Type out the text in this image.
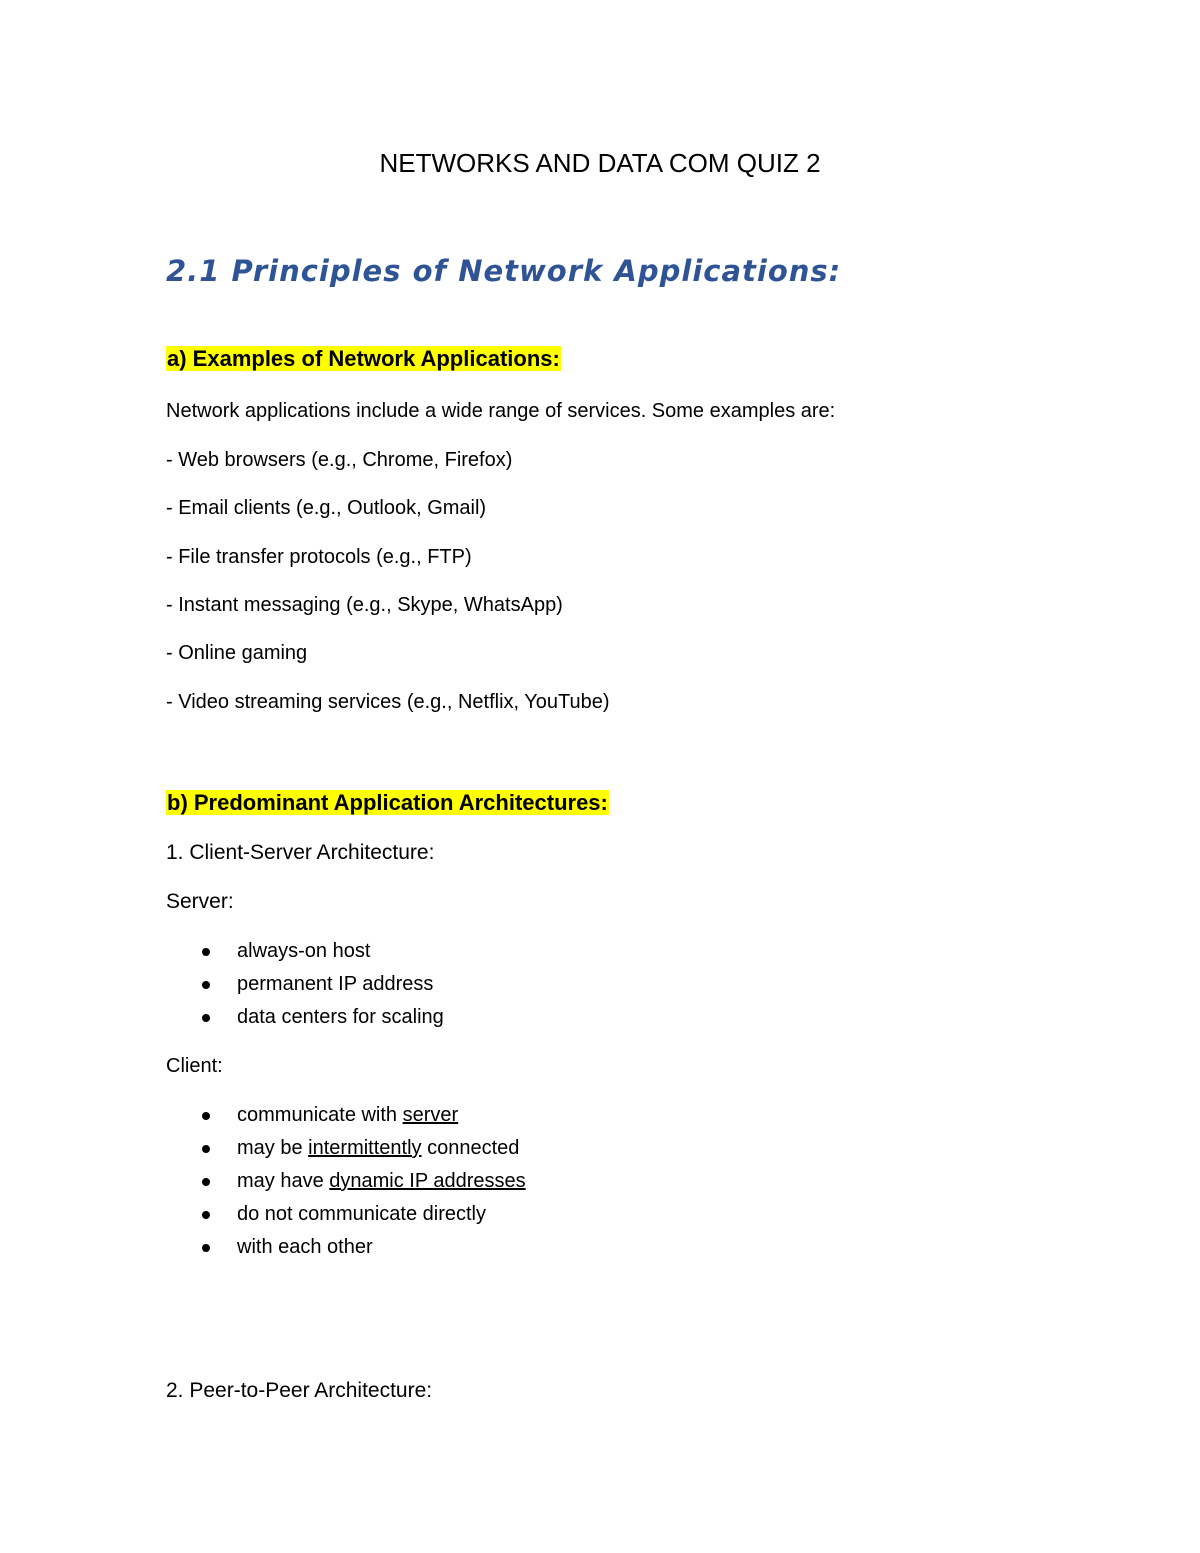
NETWORKS AND DATA COM QUIZ 2
2.1 Principles of Network Applications:
a) Examples of Network Applications:
Network applications include a wide range of services. Some examples are:
- Web browsers (e.g., Chrome, Firefox)
- Email clients (e.g., Outlook, Gmail)
- File transfer protocols (e.g., FTP)
- Instant messaging (e.g., Skype, WhatsApp)
- Online gaming
- Video streaming services (e.g., Netflix, YouTube)
b) Predominant Application Architectures:
1. Client-Server Architecture:
Server:
always-on host
permanent IP address
data centers for scaling
Client:
communicate with server
may be intermittently connected
may have dynamic IP addresses
do not communicate directly
with each other
2. Peer-to-Peer Architecture:
